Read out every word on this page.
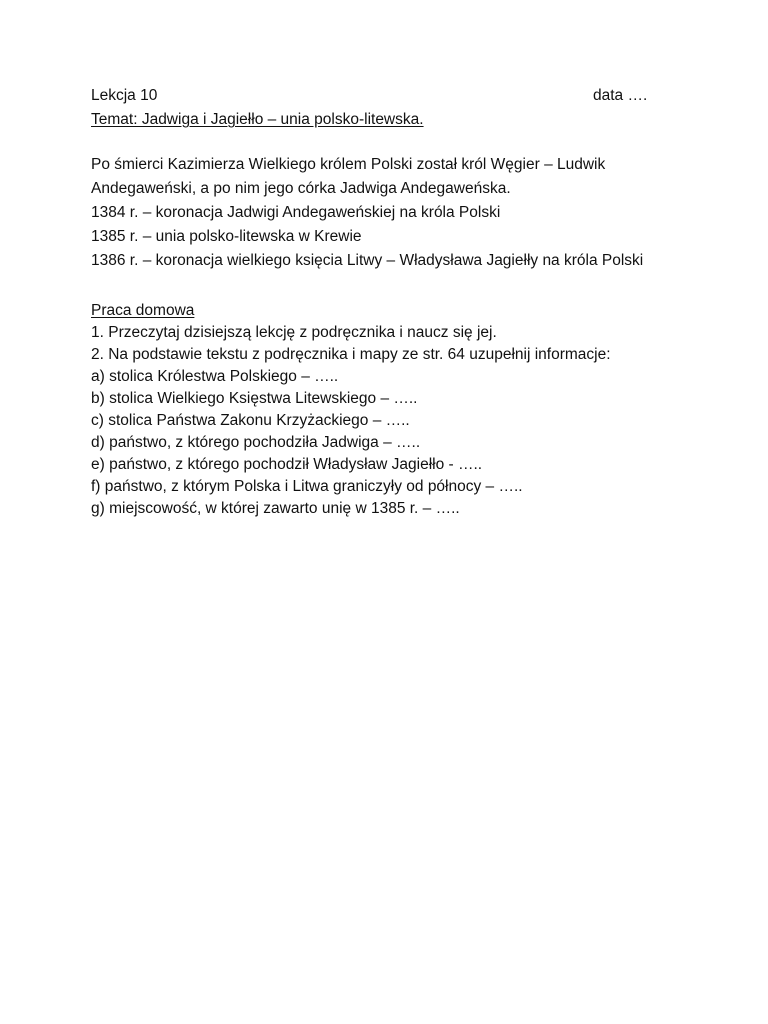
Lekcja 10	data ….
Temat: Jadwiga i Jagiełło – unia polsko-litewska.
Po śmierci Kazimierza Wielkiego królem Polski został król Węgier – Ludwik
Andegaweński, a po nim jego córka Jadwiga Andegaweńska.
1384 r. – koronacja Jadwigi Andegaweńskiej na króla Polski
1385 r. – unia polsko-litewska w Krewie
1386 r. – koronacja wielkiego księcia Litwy – Władysława Jagiełły na króla Polski
Praca domowa
1. Przeczytaj dzisiejszą lekcję z podręcznika i naucz się jej.
2. Na podstawie tekstu z podręcznika i mapy ze str. 64 uzupełnij informacje:
a) stolica Królestwa Polskiego – …..
b) stolica Wielkiego Księstwa Litewskiego – …..
c) stolica Państwa Zakonu Krzyżackiego – …..
d) państwo, z którego pochodziła Jadwiga – …..
e) państwo, z którego pochodził Władysław Jagiełło - …..
f) państwo, z którym Polska i Litwa graniczyły od północy – …..
g) miejscowość, w której zawarto unię w 1385 r. – …..
